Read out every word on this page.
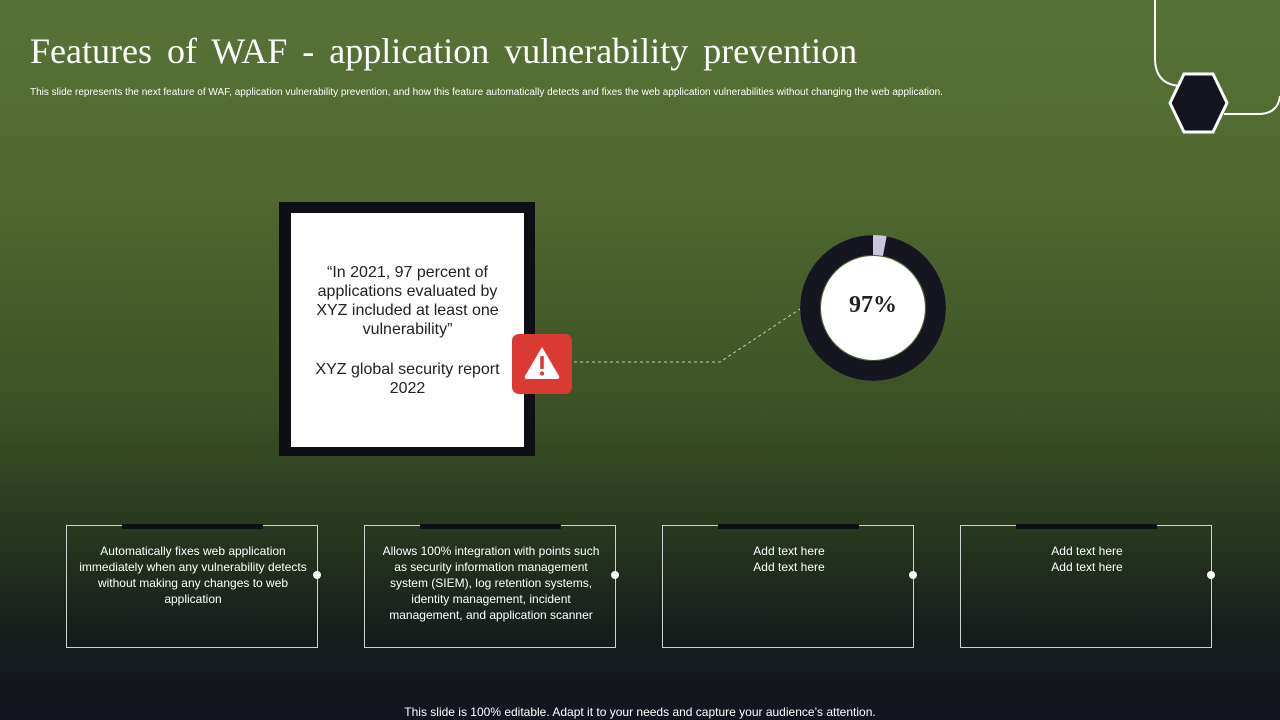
Features of WAF - application vulnerability prevention
This slide represents the next feature of WAF, application vulnerability prevention, and how this feature automatically detects and fixes the web application vulnerabilities without changing the web application.
“In 2021, 97 percent of applications evaluated by XYZ included at least one vulnerability”
XYZ global security report 2022
97%
Automatically fixes web application immediately when any vulnerability detects without making any changes to web application
Allows 100% integration with points such as security information management system (SIEM), log retention systems, identity management, incident management, and application scanner
Add text here
Add text here
Add text here
Add text here
This slide is 100% editable. Adapt it to your needs and capture your audience’s attention.
